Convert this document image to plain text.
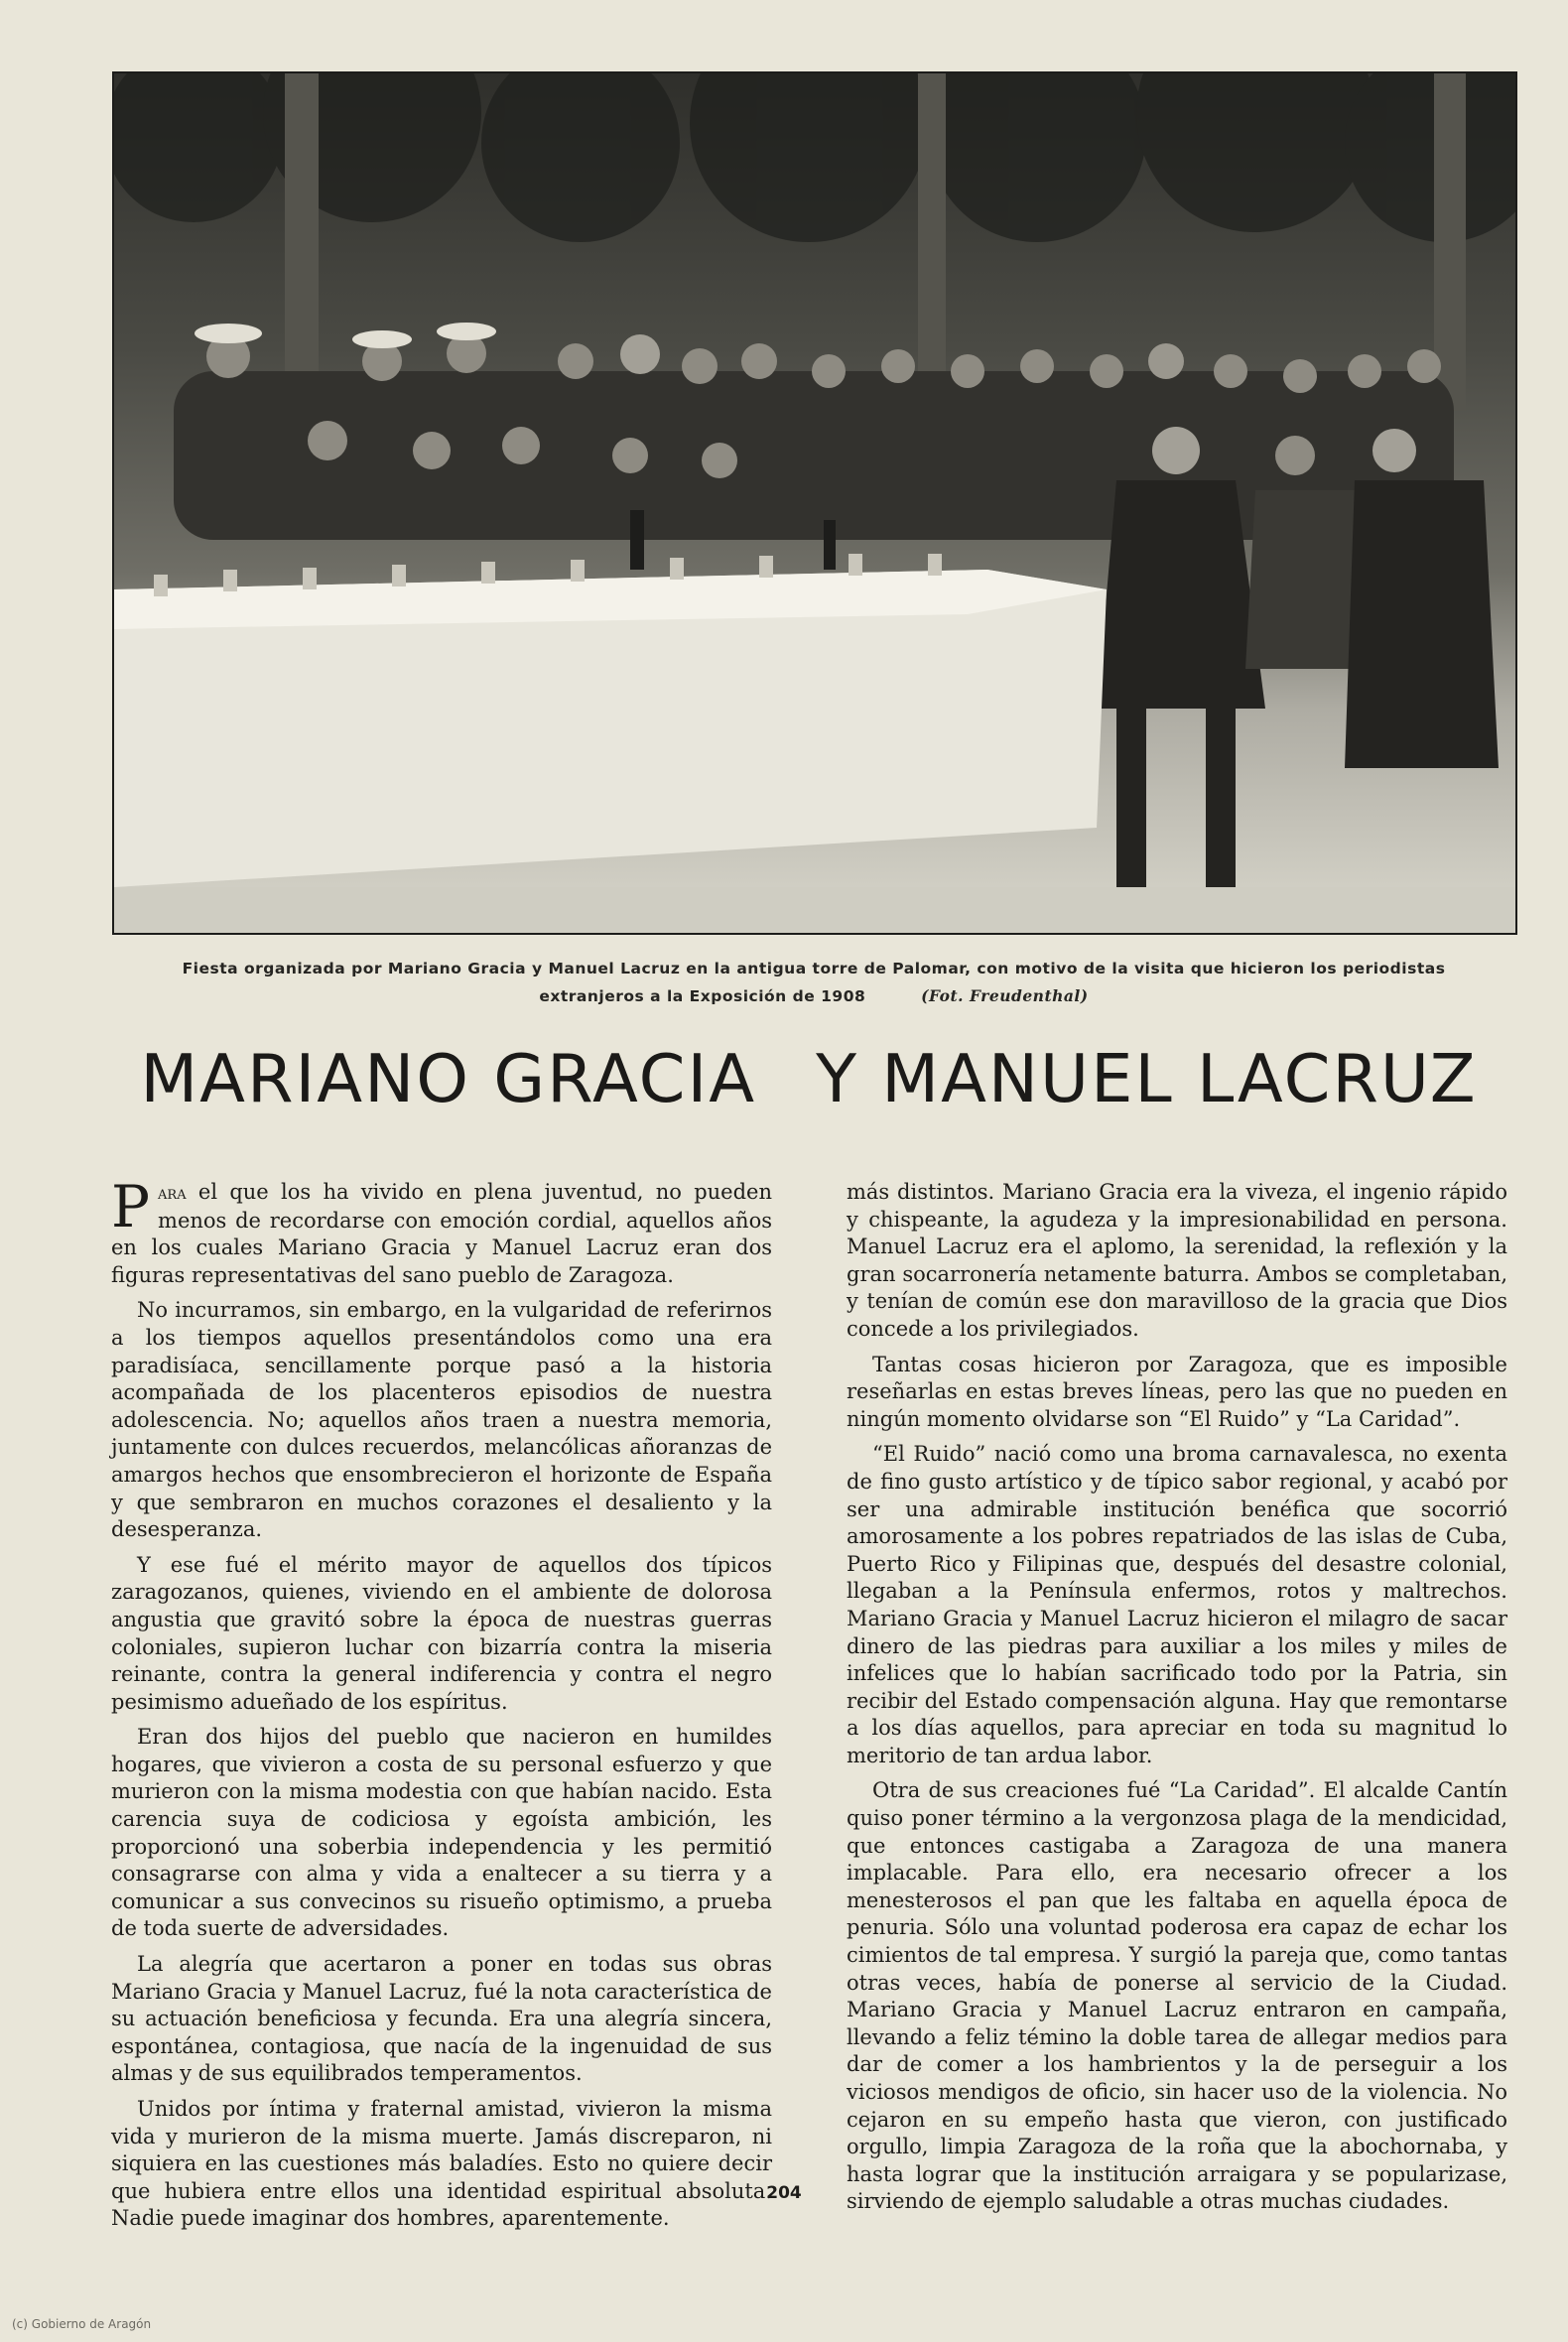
Fiesta organizada por Mariano Gracia y Manuel Lacruz en la antigua torre de Palomar, con motivo de la visita que hicieron los periodistas extranjeros a la Exposición de 1908	(Fot. Freudenthal)
MARIANO GRACIA Y MANUEL LACRUZ

Para el que los ha vivido en plena juventud, no pueden menos de recordarse con emoción cordial, aquellos años en los cuales Mariano Gracia y Manuel Lacruz eran dos figuras representativas del sano pueblo de Zaragoza.

No incurramos, sin embargo, en la vulgaridad de referirnos a los tiempos aquellos presentándolos como una era paradisíaca, sencillamente porque pasó a la historia acompañada de los placenteros episodios de nuestra adolescencia. No; aquellos años traen a nuestra memoria, juntamente con dulces recuerdos, melancólicas añoranzas de amargos hechos que ensombrecieron el horizonte de España y que sembraron en muchos corazones el desaliento y la desesperanza.

Y ese fué el mérito mayor de aquellos dos típicos zaragozanos, quienes, viviendo en el ambiente de dolorosa angustia que gravitó sobre la época de nuestras guerras coloniales, supieron luchar con bizarría contra la miseria reinante, contra la general indiferencia y contra el negro pesimismo adueñado de los espíritus.

Eran dos hijos del pueblo que nacieron en humildes hogares, que vivieron a costa de su personal esfuerzo y que murieron con la misma modestia con que habían nacido. Esta carencia suya de codiciosa y egoísta ambición, les proporcionó una soberbia independencia y les permitió consagrarse con alma y vida a enaltecer a su tierra y a comunicar a sus convecinos su risueño optimismo, a prueba de toda suerte de adversidades.

La alegría que acertaron a poner en todas sus obras Mariano Gracia y Manuel Lacruz, fué la nota característica de su actuación beneficiosa y fecunda. Era una alegría sincera, espontánea, contagiosa, que nacía de la ingenuidad de sus almas y de sus equilibrados temperamentos.

Unidos por íntima y fraternal amistad, vivieron la misma vida y murieron de la misma muerte. Jamás discreparon, ni siquiera en las cuestiones más baladíes. Esto no quiere decir que hubiera entre ellos una identidad espiritual absoluta. Nadie puede imaginar dos hombres, aparentemente.

más distintos. Mariano Gracia era la viveza, el ingenio rápido y chispeante, la agudeza y la impresionabilidad en persona. Manuel Lacruz era el aplomo, la serenidad, la reflexión y la gran socarronería netamente baturra. Ambos se completaban, y tenían de común ese don maravilloso de la gracia que Dios concede a los privilegiados.

Tantas cosas hicieron por Zaragoza, que es imposible reseñarlas en estas breves líneas, pero las que no pueden en ningún momento olvidarse son “El Ruido” y “La Caridad”.

“El Ruido” nació como una broma carnavalesca, no exenta de fino gusto artístico y de típico sabor regional, y acabó por ser una admirable institución benéfica que socorrió amorosamente a los pobres repatriados de las islas de Cuba, Puerto Rico y Filipinas que, después del desastre colonial, llegaban a la Península enfermos, rotos y maltrechos. Mariano Gracia y Manuel Lacruz hicieron el milagro de sacar dinero de las piedras para auxiliar a los miles y miles de infelices que lo habían sacrificado todo por la Patria, sin recibir del Estado compensación alguna. Hay que remontarse a los días aquellos, para apreciar en toda su magnitud lo meritorio de tan ardua labor.

Otra de sus creaciones fué “La Caridad”. El alcalde Cantín quiso poner término a la vergonzosa plaga de la mendicidad, que entonces castigaba a Zaragoza de una manera implacable. Para ello, era necesario ofrecer a los menesterosos el pan que les faltaba en aquella época de penuria. Sólo una voluntad poderosa era capaz de echar los cimientos de tal empresa. Y surgió la pareja que, como tantas otras veces, había de ponerse al servicio de la Ciudad. Mariano Gracia y Manuel Lacruz entraron en campaña, llevando a feliz témino la doble tarea de allegar medios para dar de comer a los hambrientos y la de perseguir a los viciosos mendigos de oficio, sin hacer uso de la violencia. No cejaron en su empeño hasta que vieron, con justificado orgullo, limpia Zaragoza de la roña que la abochornaba, y hasta lograr que la institución arraigara y se popularizase, sirviendo de ejemplo saludable a otras muchas ciudades.

204
(c) Gobierno de Aragón
